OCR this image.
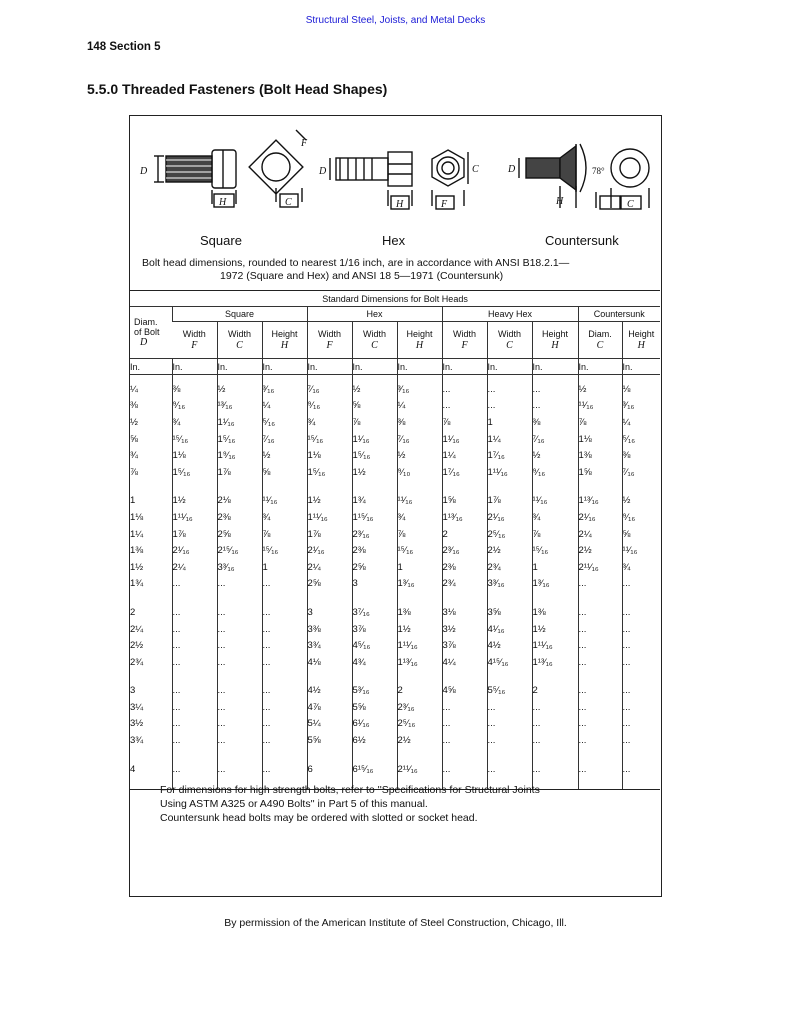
Structural Steel, Joists, and Metal Decks
148 Section 5
5.5.0 Threaded Fasteners (Bolt Head Shapes)
D
H	C
F
D
H	F
C	D
H	C
78°
Square	Hex	Countersunk
Bolt head dimensions, rounded to nearest 1/16 inch, are in accordance with ANSI B18.2.1—
1972 (Square and Hex) and ANSI 18 5—1971 (Countersunk)
Standard Dimensions for Bolt Heads											
Diam.
of Bolt
D	Square			Hex			Heavy Hex			Countersunk	
	Width
F	Width
C	Height
H	Width
F	Width
C	Height
H	Width
F	Width
C	Height
H	Diam.
C	Height
H
In.	In.	In.	In.	In.	In.	In.	In.	In.	In.	In.	In.

¼	⅜	½	³⁄₁₆	⁷⁄₁₆	½	³⁄₁₆	...	...	...	½	⅛
⅜	⁹⁄₁₆	¹³⁄₁₆	¼	⁹⁄₁₆	⅝	¼	...	...	...	¹¹⁄₁₆	³⁄₁₆
½	¾	1¹⁄₁₆	⁵⁄₁₆	¾	⅞	⅜	⅞	1	⅜	⅞	¼
⅝	¹⁵⁄₁₆	1⁵⁄₁₆	⁷⁄₁₆	¹⁵⁄₁₆	1¹⁄₁₆	⁷⁄₁₆	1¹⁄₁₆	1¼	⁷⁄₁₆	1⅛	⁵⁄₁₆
¾	1⅛	1⁹⁄₁₆	½	1⅛	1⁵⁄₁₆	½	1¼	1⁷⁄₁₆	½	1⅜	⅜
⅞	1⁵⁄₁₆	1⅞	⅝	1⁵⁄₁₆	1½	⁹⁄₁₀	1⁷⁄₁₆	1¹¹⁄₁₆	⁹⁄₁₆	1⅝	⁷⁄₁₆

1	1½	2⅛	¹¹⁄₁₆	1½	1¾	¹¹⁄₁₆	1⅝	1⅞	¹¹⁄₁₆	1¹³⁄₁₆	½
1⅛	1¹¹⁄₁₆	2⅜	¾	1¹¹⁄₁₆	1¹⁵⁄₁₆	¾	1¹³⁄₁₆	2¹⁄₁₆	¾	2¹⁄₁₆	⁹⁄₁₆
1¼	1⅞	2⅝	⅞	1⅞	2³⁄₁₆	⅞	2	2⁵⁄₁₆	⅞	2¼	⅝
1⅜	2¹⁄₁₆	2¹⁵⁄₁₆	¹⁵⁄₁₆	2¹⁄₁₆	2⅜	¹⁵⁄₁₆	2³⁄₁₆	2½	¹⁵⁄₁₆	2½	¹¹⁄₁₆
1½	2¼	3³⁄₁₆	1	2¼	2⅝	1	2⅜	2¾	1	2¹¹⁄₁₆	¾
1¾	...	...	...	2⅝	3	1³⁄₁₆	2¾	3³⁄₁₆	1³⁄₁₆	...	...

2	...	...	...	3	3⁷⁄₁₆	1⅜	3⅛	3⅝	1⅜	...	...
2¼	...	...	...	3⅜	3⅞	1½	3½	4¹⁄₁₆	1½	...	...
2½	...	...	...	3¾	4⁵⁄₁₆	1¹¹⁄₁₆	3⅞	4½	1¹¹⁄₁₆	...	...
2¾	...	...	...	4⅛	4¾	1¹³⁄₁₆	4¼	4¹⁵⁄₁₆	1¹³⁄₁₆	...	...

3	...	...	...	4½	5³⁄₁₆	2	4⅝	5⁵⁄₁₆	2	...	...
3¼	...	...	...	4⅞	5⅝	2³⁄₁₆	...	...	...	...	...
3½	...	...	...	5¼	6¹⁄₁₆	2⁵⁄₁₆	...	...	...	...	...
3¾	...	...	...	5⅝	6½	2½	...	...	...	...	...

4	...	...	...	6	6¹⁵⁄₁₆	2¹¹⁄₁₆	...	...	...	...	...

For dimensions for high strength bolts, refer to ''Specifications for Structural Joints
Using ASTM A325 or A490 Bolts'' in Part 5 of this manual.
Countersunk head bolts may be ordered with slotted or socket head.
By permission of the American Institute of Steel Construction, Chicago, Ill.
